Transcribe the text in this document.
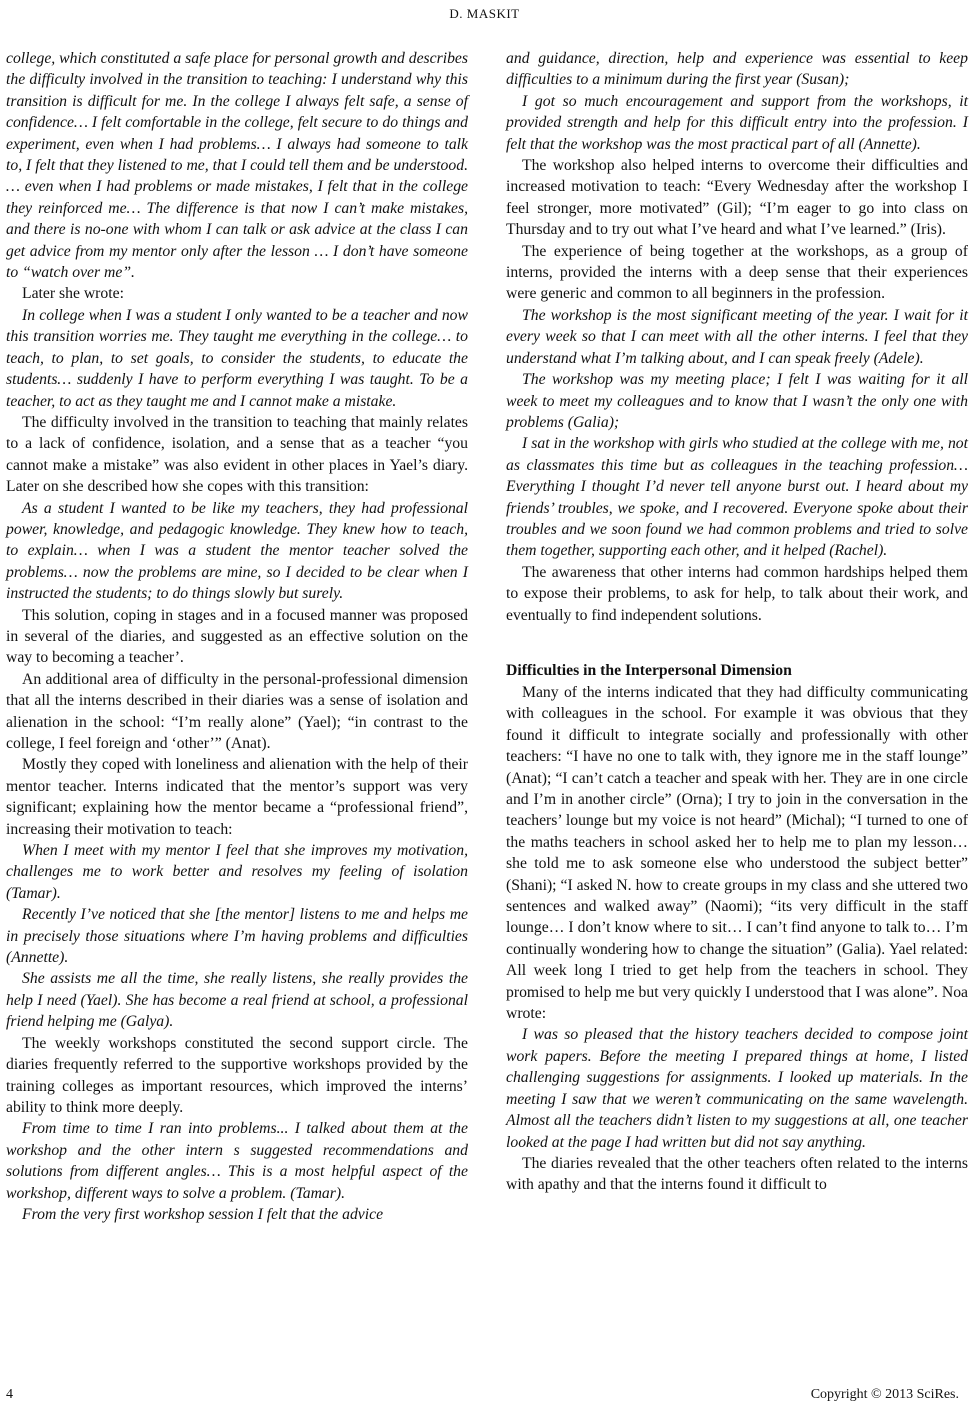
D. MASKIT

college, which constituted a safe place for personal growth and describes the difficulty involved in the transition to teaching: I understand why this transition is difficult for me. In the college I always felt safe, a sense of confidence… I felt comfortable in the college, felt secure to do things and experiment, even when I had problems… I always had someone to talk to, I felt that they listened to me, that I could tell them and be understood. … even when I had problems or made mistakes, I felt that in the college they reinforced me… The difference is that now I can’t make mistakes, and there is no-one with whom I can talk or ask advice at the class I can get advice from my mentor only after the lesson … I don’t have someone to “watch over me”.

Later she wrote:

In college when I was a student I only wanted to be a teacher and now this transition worries me. They taught me everything in the college… to teach, to plan, to set goals, to consider the students, to educate the students… suddenly I have to perform everything I was taught. To be a teacher, to act as they taught me and I cannot make a mistake.

The difficulty involved in the transition to teaching that mainly relates to a lack of confidence, isolation, and a sense that as a teacher “you cannot make a mistake” was also evident in other places in Yael’s diary. Later on she described how she copes with this transition:

As a student I wanted to be like my teachers, they had professional power, knowledge, and pedagogic knowledge. They knew how to teach, to explain… when I was a student the mentor teacher solved the problems… now the problems are mine, so I decided to be clear when I instructed the students; to do things slowly but surely.

This solution, coping in stages and in a focused manner was proposed in several of the diaries, and suggested as an effective solution on the way to becoming a teacher’.

An additional area of difficulty in the personal-professional dimension that all the interns described in their diaries was a sense of isolation and alienation in the school: “I’m really alone” (Yael); “in contrast to the college, I feel foreign and ‘other’” (Anat).

Mostly they coped with loneliness and alienation with the help of their mentor teacher. Interns indicated that the mentor’s support was very significant; explaining how the mentor became a “professional friend”, increasing their motivation to teach:

When I meet with my mentor I feel that she improves my motivation, challenges me to work better and resolves my feeling of isolation (Tamar).

Recently I’ve noticed that she [the mentor] listens to me and helps me in precisely those situations where I’m having problems and difficulties (Annette).

She assists me all the time, she really listens, she really provides the help I need (Yael). She has become a real friend at school, a professional friend helping me (Galya).

The weekly workshops constituted the second support circle. The diaries frequently referred to the supportive workshops provided by the training colleges as important resources, which improved the interns’ ability to think more deeply.

From time to time I ran into problems... I talked about them at the workshop and the other intern s suggested recommendations and solutions from different angles… This is a most helpful aspect of the workshop, different ways to solve a problem. (Tamar).

From the very first workshop session I felt that the advice

and guidance, direction, help and experience was essential to keep difficulties to a minimum during the first year (Susan);

I got so much encouragement and support from the workshops, it provided strength and help for this difficult entry into the profession. I felt that the workshop was the most practical part of all (Annette).

The workshop also helped interns to overcome their difficulties and increased motivation to teach: “Every Wednesday after the workshop I feel stronger, more motivated” (Gil); “I’m eager to go into class on Thursday and to try out what I’ve heard and what I’ve learned.” (Iris).

The experience of being together at the workshops, as a group of interns, provided the interns with a deep sense that their experiences were generic and common to all beginners in the profession.

The workshop is the most significant meeting of the year. I wait for it every week so that I can meet with all the other interns. I feel that they understand what I’m talking about, and I can speak freely (Adele).

The workshop was my meeting place; I felt I was waiting for it all week to meet my colleagues and to know that I wasn’t the only one with problems (Galia);

I sat in the workshop with girls who studied at the college with me, not as classmates this time but as colleagues in the teaching profession… Everything I thought I’d never tell anyone burst out. I heard about my friends’ troubles, we spoke, and I recovered. Everyone spoke about their troubles and we soon found we had common problems and tried to solve them together, supporting each other, and it helped (Rachel).

The awareness that other interns had common hardships helped them to expose their problems, to ask for help, to talk about their work, and eventually to find independent solutions.

Difficulties in the Interpersonal Dimension

Many of the interns indicated that they had difficulty communicating with colleagues in the school. For example it was obvious that they found it difficult to integrate socially and professionally with other teachers: “I have no one to talk with, they ignore me in the staff lounge” (Anat); “I can’t catch a teacher and speak with her. They are in one circle and I’m in another circle” (Orna); I try to join in the conversation in the teachers’ lounge but my voice is not heard” (Michal); “I turned to one of the maths teachers in school asked her to help me to plan my lesson… she told me to ask someone else who understood the subject better” (Shani); “I asked N. how to create groups in my class and she uttered two sentences and walked away” (Naomi); “its very difficult in the staff lounge… I don’t know where to sit… I can’t find anyone to talk to… I’m continually wondering how to change the situation” (Galia). Yael related: All week long I tried to get help from the teachers in school. They promised to help me but very quickly I understood that I was alone”. Noa wrote:

I was so pleased that the history teachers decided to compose joint work papers. Before the meeting I prepared things at home, I listed challenging suggestions for assignments. I looked up materials. In the meeting I saw that we weren’t communicating on the same wavelength. Almost all the teachers didn’t listen to my suggestions at all, one teacher looked at the page I had written but did not say anything.

The diaries revealed that the other teachers often related to the interns with apathy and that the interns found it difficult to

4	Copyright © 2013 SciRes.
